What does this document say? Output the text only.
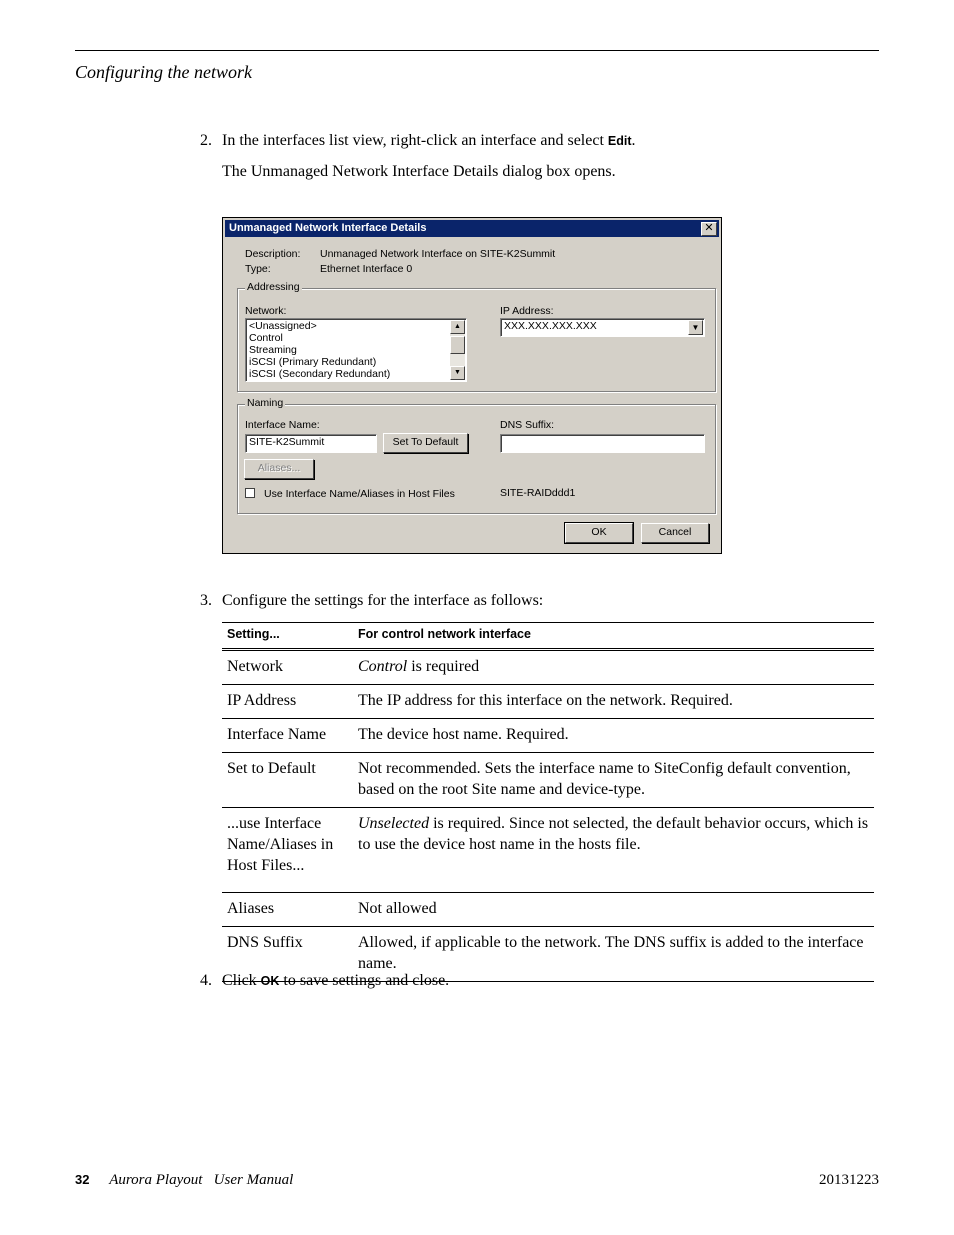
Configuring the network
2. In the interfaces list view, right-click an interface and select Edit.
The Unmanaged Network Interface Details dialog box opens.
Unmanaged Network Interface Details	✕
Description: Unmanaged Network Interface on SITE-K2Summit
Type:	Ethernet Interface 0
Addressing
Network:
<Unassigned>
Control
Streaming
iSCSI (Primary Redundant)
iSCSI (Secondary Redundant)
▲
▼
IP Address:
XXX.XXX.XXX.XXX	▼
Naming
Interface Name:
SITE-K2Summit	Set To Default
DNS Suffix:
Aliases...
Use Interface Name/Aliases in Host Files	SITE-RAIDddd1
OK	Cancel
3. Configure the settings for the interface as follows:
Setting...	For control network interface
Network	Control is required
IP Address	The IP address for this interface on the network. Required.
Interface Name	The device host name. Required.
Set to Default	Not recommended. Sets the interface name to SiteConfig default convention, based on the root Site name and device-type.
...use Interface Name/Aliases in Host Files...	Unselected is required. Since not selected, the default behavior occurs, which is to use the device host name in the hosts file.
Aliases	Not allowed
DNS Suffix	Allowed, if applicable to the network. The DNS suffix is added to the interface name.
4. Click OK to save settings and close.
32 Aurora Playout   User Manual	20131223
